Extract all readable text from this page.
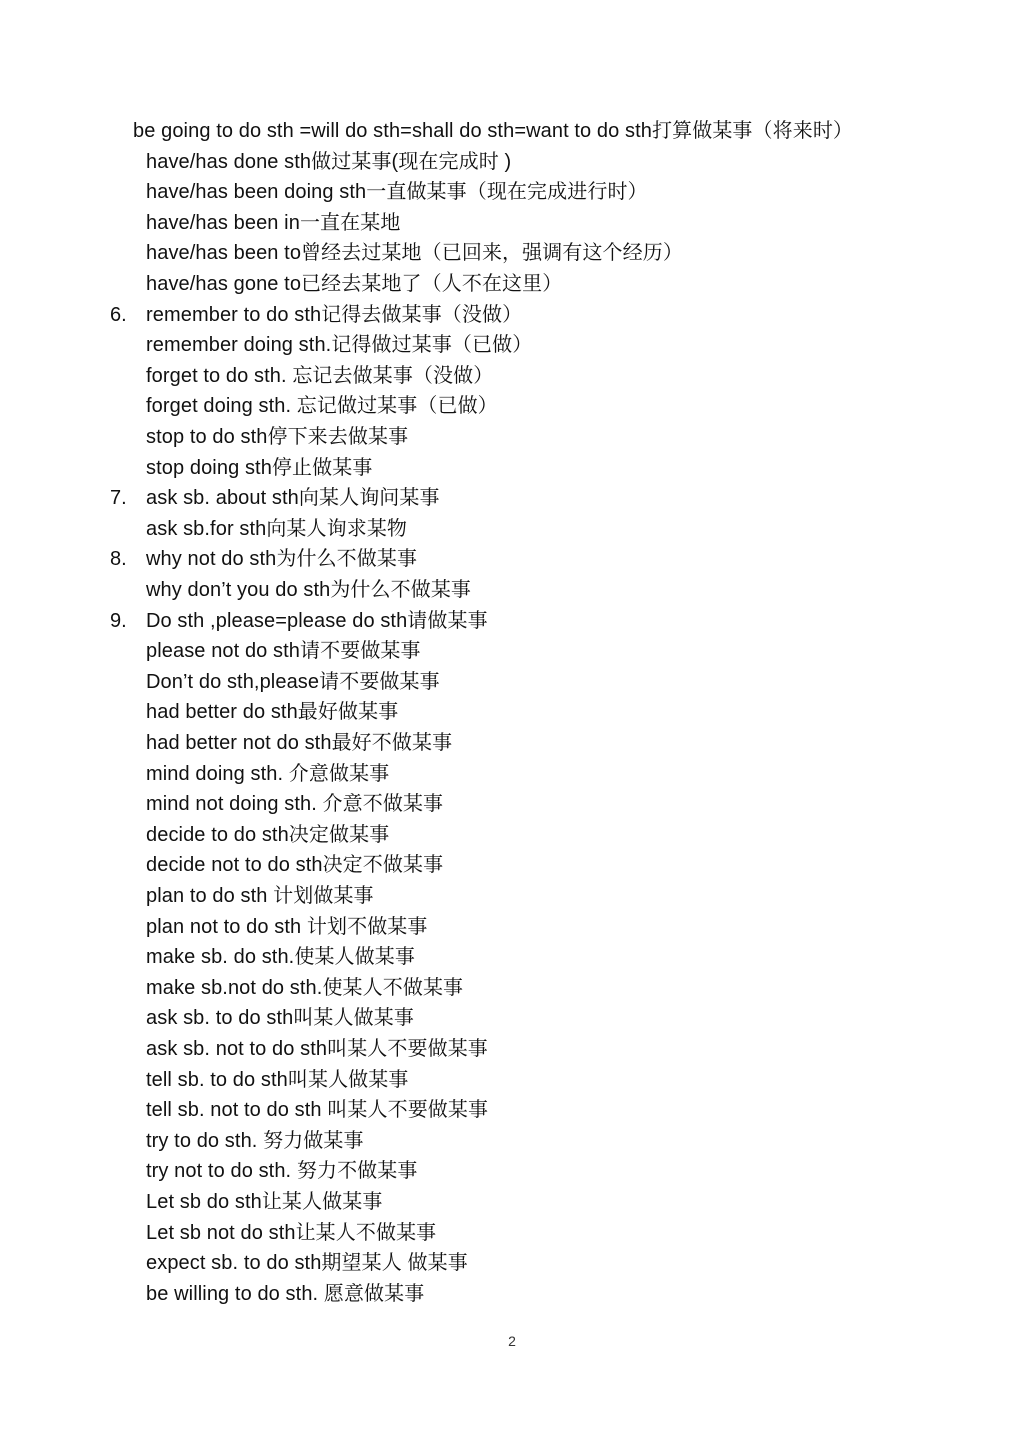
be going to do sth =will do sth=shall do sth=want to do sth打算做某事（将来时）
have/has done sth做过某事(现在完成时 )
have/has been doing sth一直做某事（现在完成进行时）
have/has been in一直在某地
have/has been to曾经去过某地（已回来，强调有这个经历）
have/has gone to已经去某地了（人不在这里）
6. remember to do sth记得去做某事（没做）
remember doing sth.记得做过某事（已做）
forget to do sth. 忘记去做某事（没做）
forget doing sth. 忘记做过某事（已做）
stop to do sth停下来去做某事
stop doing sth停止做某事
7. ask sb. about sth向某人询问某事
ask sb.for sth向某人询求某物
8. why not do sth为什么不做某事
why don’t you do sth为什么不做某事
9. Do sth ,please=please do sth请做某事
please not do sth请不要做某事
Don’t do sth,please请不要做某事
had better do sth最好做某事
had better not do sth最好不做某事
mind doing sth. 介意做某事
mind not doing sth. 介意不做某事
decide to do sth决定做某事
decide not to do sth决定不做某事
plan to do sth 计划做某事
plan not to do sth 计划不做某事
make sb. do sth.使某人做某事
make sb.not do sth.使某人不做某事
ask sb. to do sth叫某人做某事
ask sb. not to do sth叫某人不要做某事
tell sb. to do sth叫某人做某事
tell sb. not to do sth 叫某人不要做某事
try to do sth. 努力做某事
try not to do sth. 努力不做某事
Let sb do sth让某人做某事
Let sb not do sth让某人不做某事
expect sb. to do sth期望某人 做某事
be willing to do sth. 愿意做某事
2
